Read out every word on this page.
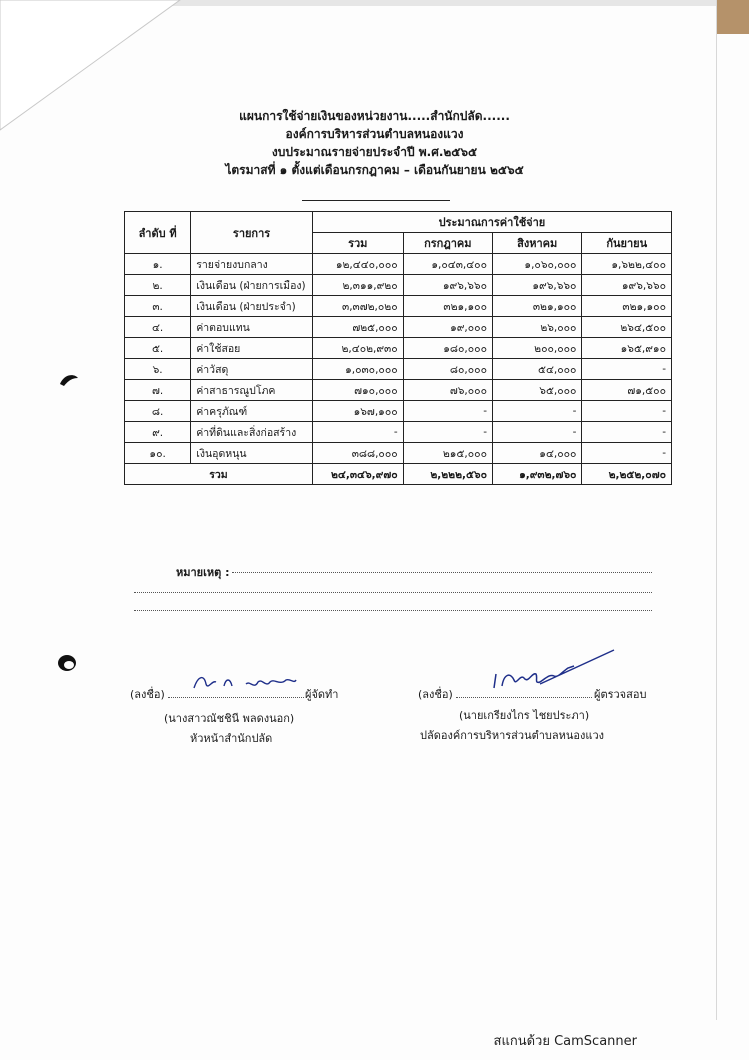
แผนการใช้จ่ายเงินของหน่วยงาน.....สำนักปลัด......
องค์การบริหารส่วนตำบลหนองแวง
งบประมาณรายจ่ายประจำปี พ.ศ.๒๕๖๕
ไตรมาสที่ ๑ ตั้งแต่เดือนกรกฎาคม – เดือนกันยายน ๒๕๖๕
ลำดับ ที่	รายการ	ประมาณการค่าใช้จ่าย			
		รวม	กรกฎาคม	สิงหาคม	กันยายน
๑.	รายจ่ายงบกลาง	๑๒,๔๔๐,๐๐๐	๑,๐๔๓,๔๐๐	๑,๐๖๐,๐๐๐	๑,๖๒๒,๔๐๐
๒.	เงินเดือน (ฝ่ายการเมือง)	๒,๓๑๑,๙๒๐	๑๙๖,๖๖๐	๑๙๖,๖๖๐	๑๙๖,๖๖๐
๓.	เงินเดือน (ฝ่ายประจำ)	๓,๓๗๒,๐๒๐	๓๒๑,๑๐๐	๓๒๑,๑๐๐	๓๒๑,๑๐๐
๔.	ค่าตอบแทน	๗๒๕,๐๐๐	๑๙,๐๐๐	๒๖,๐๐๐	๒๖๔,๕๐๐
๕.	ค่าใช้สอย	๒,๔๐๒,๙๓๐	๑๘๐,๐๐๐	๒๐๐,๐๐๐	๑๖๕,๙๑๐
๖.	ค่าวัสดุ	๑,๐๓๐,๐๐๐	๘๐,๐๐๐	๕๔,๐๐๐	-
๗.	ค่าสาธารณูปโภค	๗๑๐,๐๐๐	๗๖,๐๐๐	๖๕,๐๐๐	๗๑,๕๐๐
๘.	ค่าครุภัณฑ์	๑๖๗,๑๐๐	-	-	-
๙.	ค่าที่ดินและสิ่งก่อสร้าง	-	-	-	-
๑๐.	เงินอุดหนุน	๓๘๘,๐๐๐	๒๑๕,๐๐๐	๑๔,๐๐๐	-
รวม		๒๔,๓๔๖,๙๗๐	๒,๒๒๒,๕๖๐	๑,๙๓๒,๗๖๐	๒,๒๕๒,๐๗๐
หมายเหตุ :
(ลงชื่อ)	ผู้จัดทำ
(นางสาวณัชชินี พลดงนอก)
หัวหน้าสำนักปลัด
(ลงชื่อ)	ผู้ตรวจสอบ
(นายเกรียงไกร ไชยประภา)
ปลัดองค์การบริหารส่วนตำบลหนองแวง
สแกนด้วย CamScanner
